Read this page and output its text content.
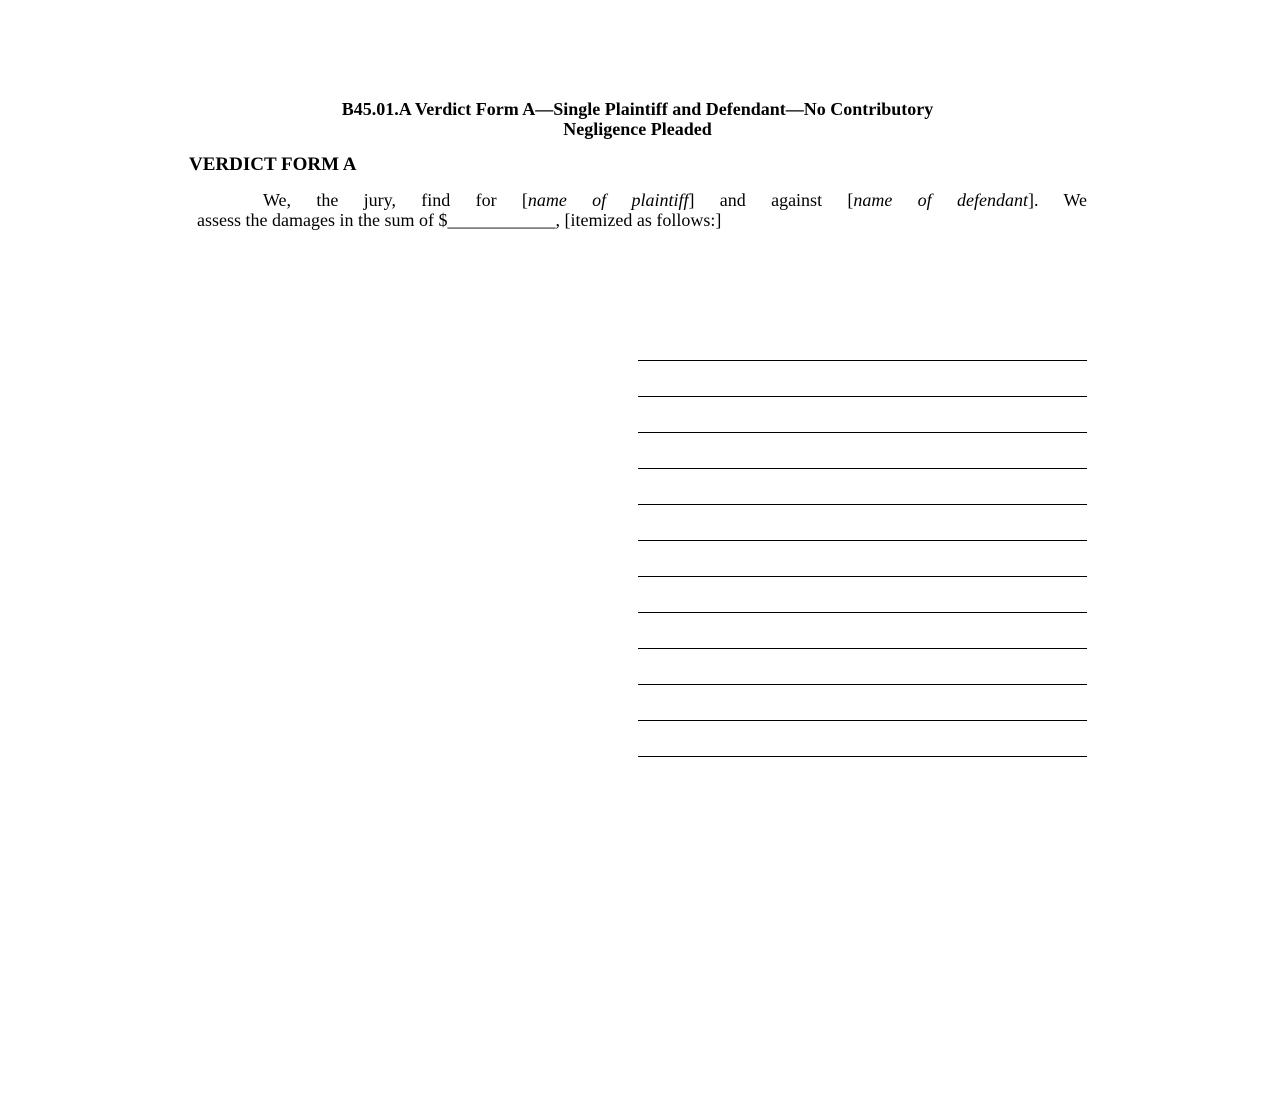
B45.01.A Verdict Form A—Single Plaintiff and Defendant—No Contributory
Negligence Pleaded
VERDICT FORM A

We, the jury, find for [name of plaintiff] and against [name of defendant]. We
assess the damages in the sum of $____________, [itemized as follows:]
